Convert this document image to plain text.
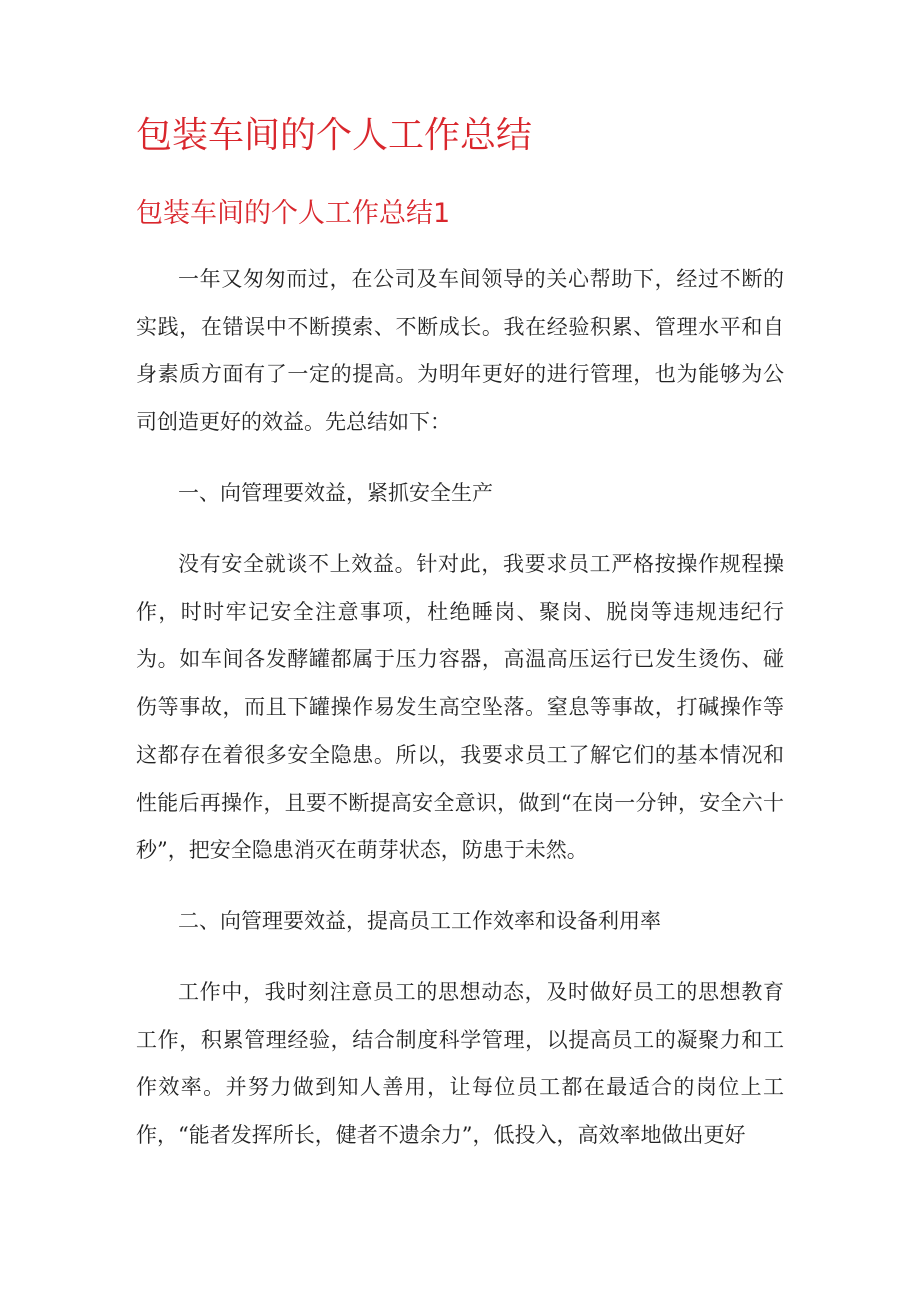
包装车间的个人工作总结
包装车间的个人工作总结1

一年又匆匆而过，在公司及车间领导的关心帮助下，经过不断的实践，在错误中不断摸索、不断成长。我在经验积累、管理水平和自身素质方面有了一定的提高。为明年更好的进行管理，也为能够为公司创造更好的效益。先总结如下：

一、向管理要效益，紧抓安全生产

没有安全就谈不上效益。针对此，我要求员工严格按操作规程操作，时时牢记安全注意事项，杜绝睡岗、聚岗、脱岗等违规违纪行为。如车间各发酵罐都属于压力容器，高温高压运行已发生烫伤、碰伤等事故，而且下罐操作易发生高空坠落。窒息等事故，打碱操作等这都存在着很多安全隐患。所以，我要求员工了解它们的基本情况和性能后再操作，且要不断提高安全意识，做到“在岗一分钟，安全六十秒”，把安全隐患消灭在萌芽状态，防患于未然。

二、向管理要效益，提高员工工作效率和设备利用率

工作中，我时刻注意员工的思想动态，及时做好员工的思想教育工作，积累管理经验，结合制度科学管理，以提高员工的凝聚力和工作效率。并努力做到知人善用，让每位员工都在最适合的岗位上工作，“能者发挥所长，健者不遗余力”，低投入，高效率地做出更好
